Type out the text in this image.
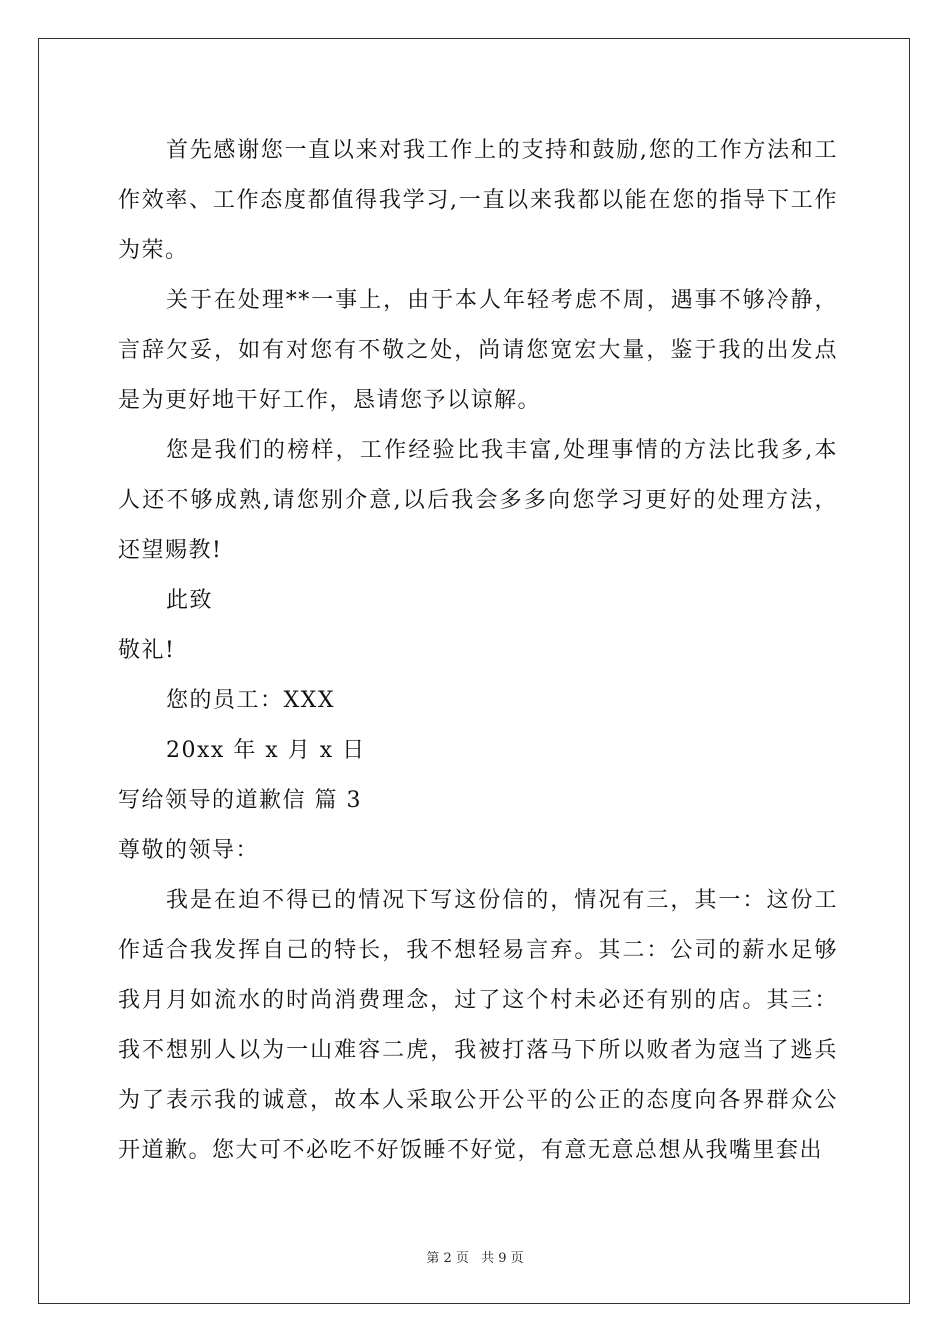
首先感谢您一直以来对我工作上的支持和鼓励,您的工作方法和工作效率、工作态度都值得我学习,一直以来我都以能在您的指导下工作为荣。

关于在处理**一事上，由于本人年轻考虑不周，遇事不够冷静，言辞欠妥，如有对您有不敬之处，尚请您宽宏大量，鉴于我的出发点是为更好地干好工作，恳请您予以谅解。

您是我们的榜样，工作经验比我丰富,处理事情的方法比我多,本人还不够成熟,请您别介意,以后我会多多向您学习更好的处理方法，还望赐教!

此致

敬礼!

您的员工：XXX

20xx 年 x 月 x 日

写给领导的道歉信 篇 3

尊敬的领导：

我是在迫不得已的情况下写这份信的，情况有三，其一：这份工作适合我发挥自己的特长，我不想轻易言弃。其二：公司的薪水足够我月月如流水的时尚消费理念，过了这个村未必还有别的店。其三：我不想别人以为一山难容二虎，我被打落马下所以败者为寇当了逃兵为了表示我的诚意，故本人采取公开公平的公正的态度向各界群众公开道歉。您大可不必吃不好饭睡不好觉，有意无意总想从我嘴里套出

第 2 页 共 9 页
